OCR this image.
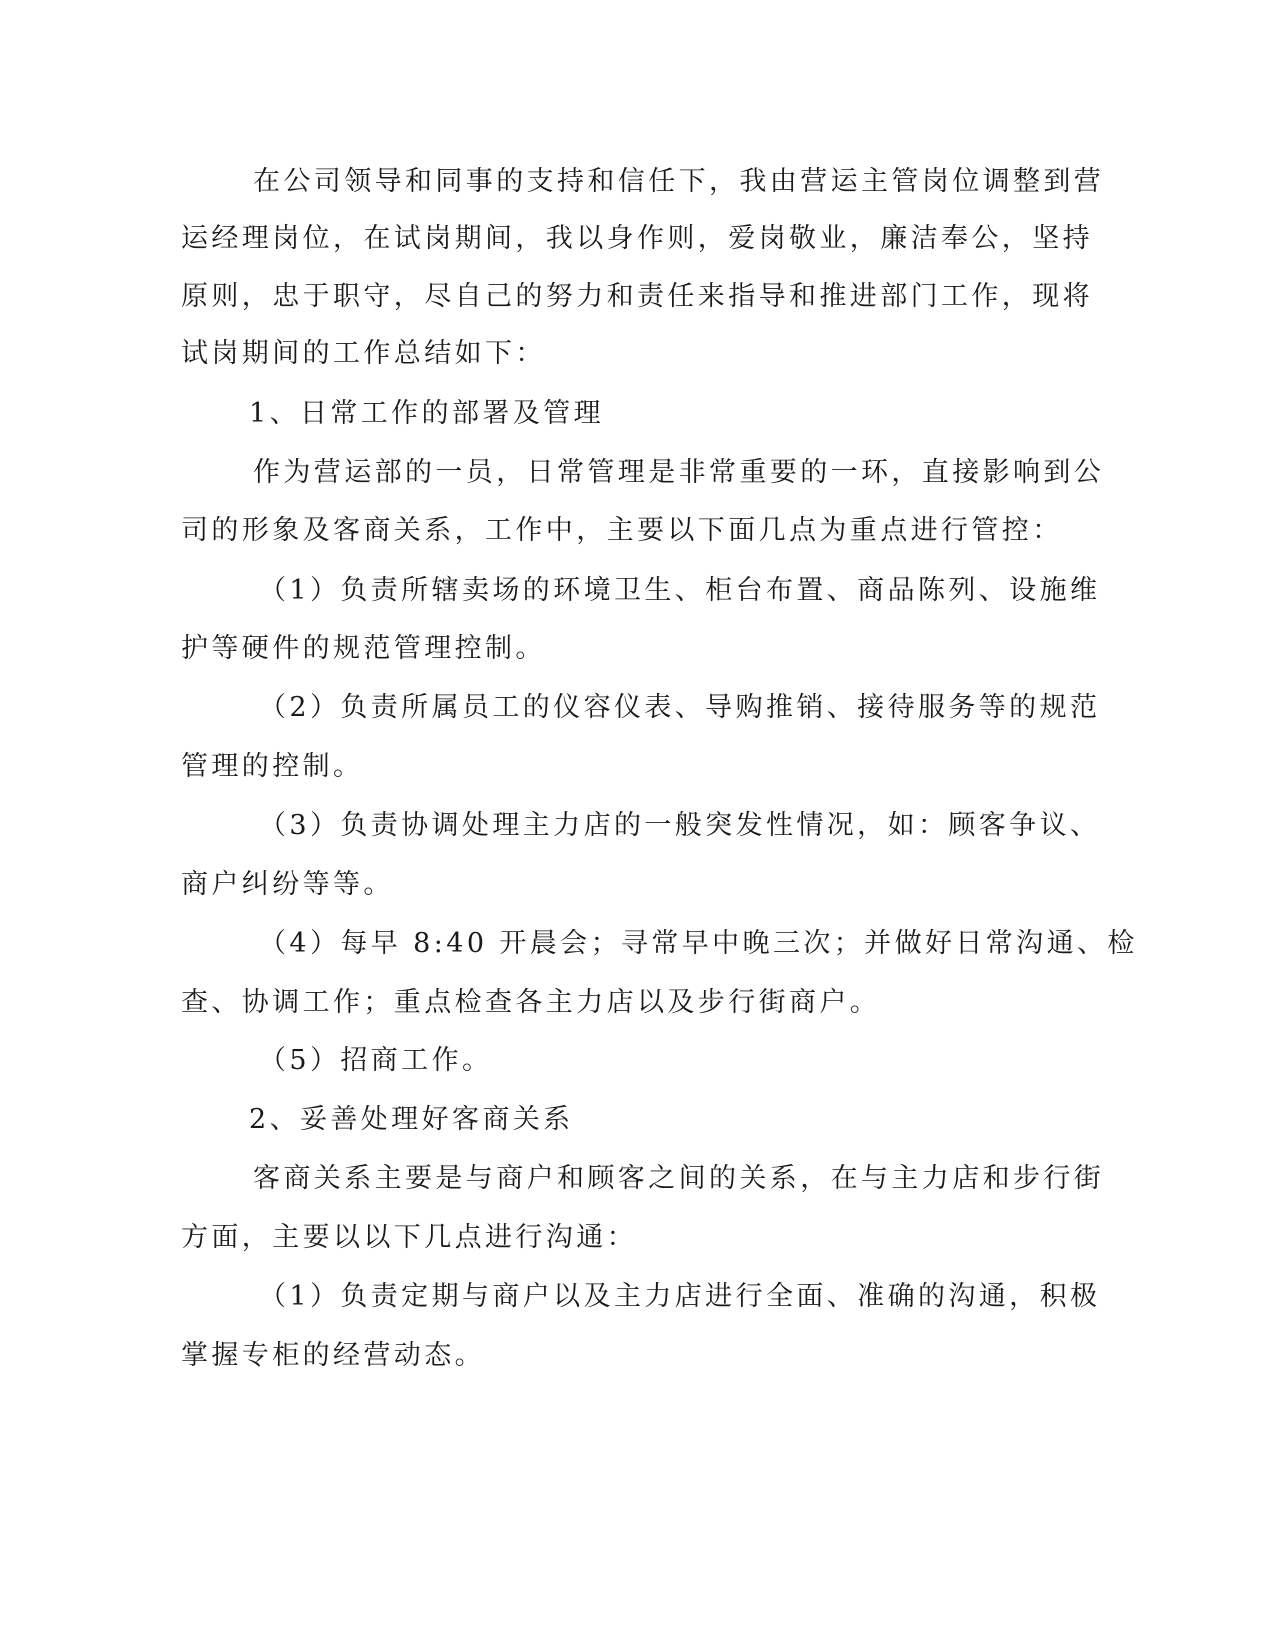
在公司领导和同事的支持和信任下，我由营运主管岗位调整到营

运经理岗位，在试岗期间，我以身作则，爱岗敬业，廉洁奉公，坚持

原则，忠于职守，尽自己的努力和责任来指导和推进部门工作，现将

试岗期间的工作总结如下：

1、日常工作的部署及管理

作为营运部的一员，日常管理是非常重要的一环，直接影响到公

司的形象及客商关系，工作中，主要以下面几点为重点进行管控：

（1）负责所辖卖场的环境卫生、柜台布置、商品陈列、设施维

护等硬件的规范管理控制。

（2）负责所属员工的仪容仪表、导购推销、接待服务等的规范

管理的控制。

（3）负责协调处理主力店的一般突发性情况，如：顾客争议、

商户纠纷等等。

（4）每早 8:40 开晨会；寻常早中晚三次；并做好日常沟通、检

查、协调工作；重点检查各主力店以及步行街商户。

（5）招商工作。

2、妥善处理好客商关系

客商关系主要是与商户和顾客之间的关系，在与主力店和步行街

方面，主要以以下几点进行沟通：

（1）负责定期与商户以及主力店进行全面、准确的沟通，积极

掌握专柜的经营动态。
